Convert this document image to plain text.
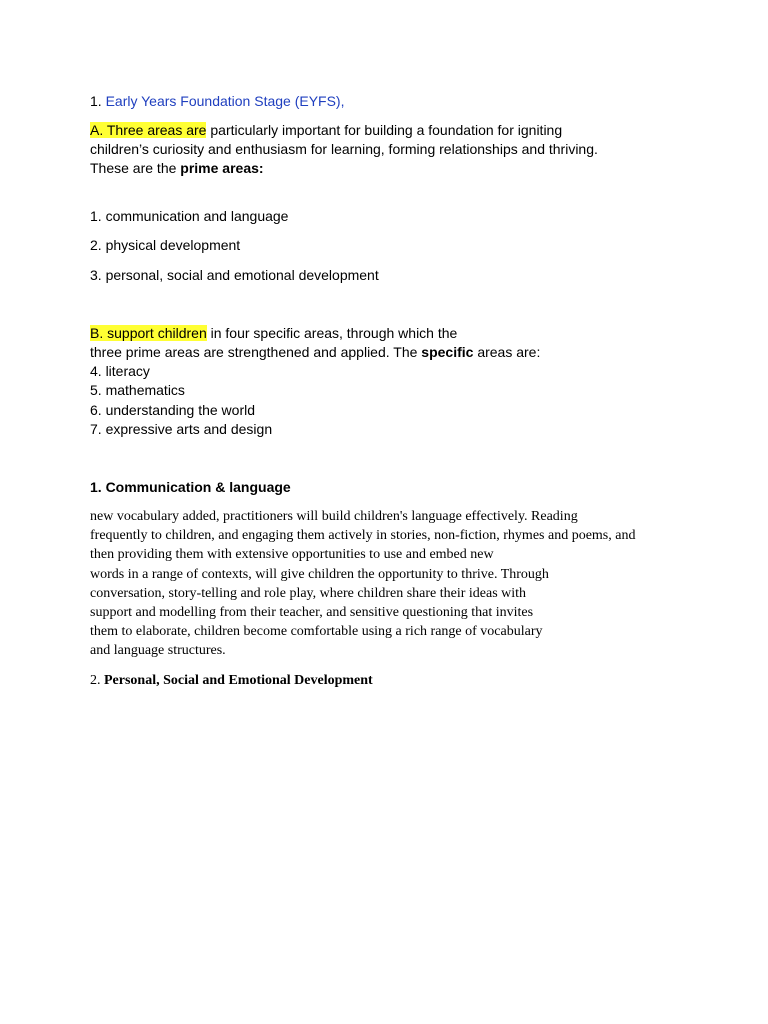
1. Early Years Foundation Stage (EYFS),
A. Three areas are particularly important for building a foundation for igniting
children’s curiosity and enthusiasm for learning, forming relationships and thriving.
These are the prime areas:
1. communication and language
2. physical development
3. personal, social and emotional development
B. support children in four specific areas, through which the
three prime areas are strengthened and applied. The specific areas are:
4. literacy
5. mathematics
6. understanding the world
7. expressive arts and design
1. Communication & language
new vocabulary added, practitioners will build children's language effectively. Reading
frequently to children, and engaging them actively in stories, non-fiction, rhymes and poems, and
then providing them with extensive opportunities to use and embed new
words in a range of contexts, will give children the opportunity to thrive. Through
conversation, story-telling and role play, where children share their ideas with
support and modelling from their teacher, and sensitive questioning that invites
them to elaborate, children become comfortable using a rich range of vocabulary
and language structures.
2. Personal, Social and Emotional Development
